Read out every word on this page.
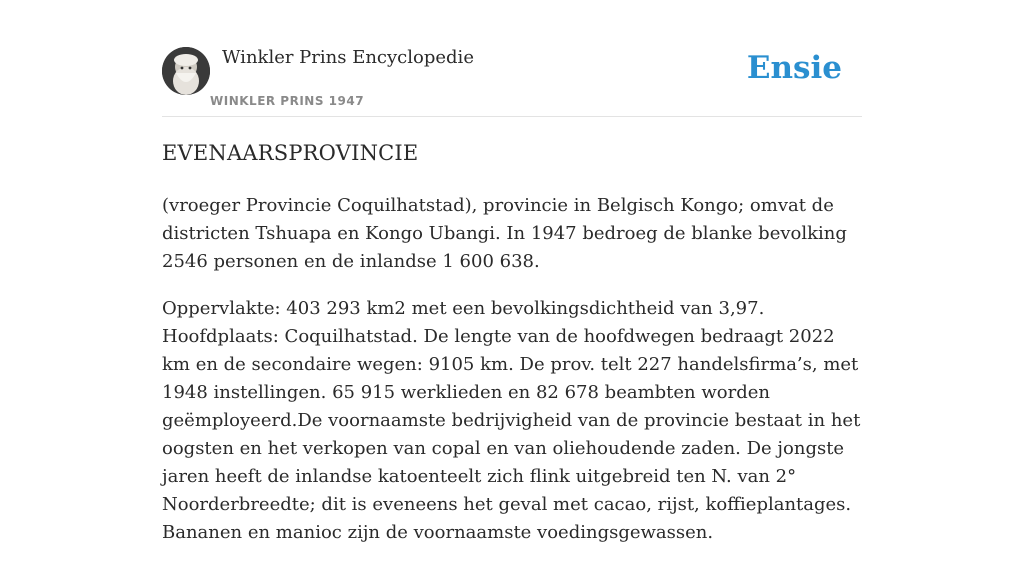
Winkler Prins Encyclopedie
WINKLER PRINS 1947
Ensie
EVENAARSPROVINCIE

(vroeger Provincie Coquilhatstad), provincie in Belgisch Kongo; omvat de districten Tshuapa en Kongo Ubangi. In 1947 bedroeg de blanke bevolking 2546 personen en de inlandse 1 600 638.

Oppervlakte: 403 293 km2 met een bevolkingsdichtheid van 3,97. Hoofdplaats: Coquilhatstad. De lengte van de hoofdwegen bedraagt 2022 km en de secondaire wegen: 9105 km. De prov. telt 227 handelsfirma’s, met 1948 instellingen. 65 915 werklieden en 82 678 beambten worden geëmployeerd.De voornaamste bedrijvigheid van de provincie bestaat in het oogsten en het verkopen van copal en van oliehoudende zaden. De jongste jaren heeft de inlandse katoenteelt zich flink uitgebreid ten N. van 2° Noorderbreedte; dit is eveneens het geval met cacao, rijst, koffieplantages. Bananen en manioc zijn de voornaamste voedingsgewassen.
